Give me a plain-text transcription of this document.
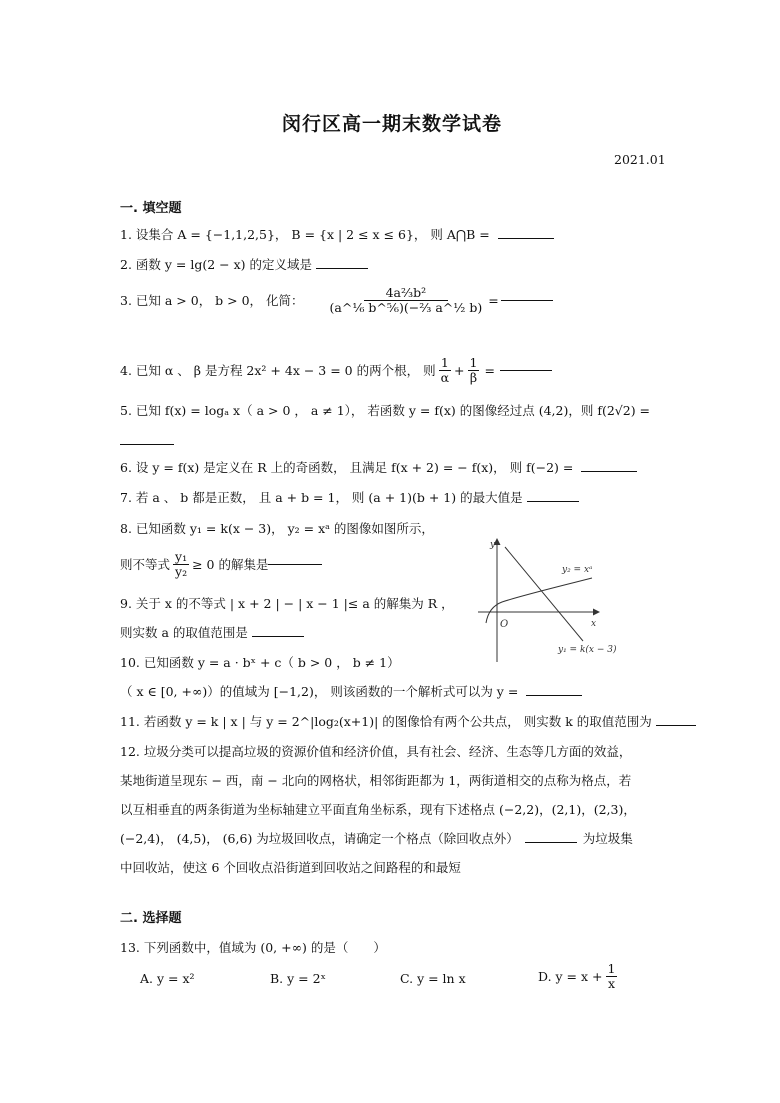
闵行区高一期末数学试卷
2021.01
一. 填空题
1. 设集合 A = {−1,1,2,5}， B = {x | 2 ≤ x ≤ 6}， 则 A⋂B =
2. 函数 y = lg(2 − x) 的定义域是
3. 已知 a > 0， b > 0， 化简： $\frac{\text{4a⅔b²}}{\text{(a\textasciicircum{}⅙ b\textasciicircum{}⅚)(−⅔ a\textasciicircum{}½ b)}}$ =
4. 已知 α 、 β 是方程 2x² + 4x − 3 = 0 的两个根， 则 $\frac{1}{\alpha} + \frac{1}{\beta}$ =
5. 已知 f(x) = logₐ x（ a > 0 ， a ≠ 1）， 若函数 y = f(x) 的图像经过点 (4,2)，则 f(2√2) =
6. 设 y = f(x) 是定义在 R 上的奇函数， 且满足 f(x + 2) = − f(x)， 则 f(−2) =
7. 若 a 、 b 都是正数， 且 a + b = 1， 则 (a + 1)(b + 1) 的最大值是
8. 已知函数 y₁ = k(x − 3)， y₂ = xᵃ 的图像如图所示，
则不等式 $\frac{\text{y₁}}{\text{y₂}} \ge 0$ 的解集是
9. 关于 x 的不等式 | x + 2 | − | x − 1 |≤ a 的解集为 R ，
则实数 a 的取值范围是
10. 已知函数 y = a · bˣ + c（ b > 0 ， b ≠ 1）
（ x ∈ [0, +∞)）的值域为 [−1,2)， 则该函数的一个解析式可以为 y =
11. 若函数 y = k | x | 与 y = 2^|log₂(x+1)| 的图像恰有两个公共点， 则实数 k 的取值范围为
12. 垃圾分类可以提高垃圾的资源价值和经济价值，具有社会、经济、生态等几方面的效益，
某地街道呈现东 − 西，南 − 北向的网格状，相邻街距都为 1，两街道相交的点称为格点，若
以互相垂直的两条街道为坐标轴建立平面直角坐标系，现有下述格点 (−2,2)，(2,1)，(2,3)，
(−2,4)， (4,5)， (6,6) 为垃圾回收点，请确定一个格点（除回收点外）	为垃圾集
中回收站，使这 6 个回收点沿街道到回收站之间路程的和最短
二. 选择题
13. 下列函数中，值域为 (0, +∞) 的是（　　）
A. y = x²	B. y = 2ˣ	C. y = ln x	D. $y = x + \frac{1}{x}$
y
x
O
y₂ = xᵃ
y₁ = k(x − 3)
